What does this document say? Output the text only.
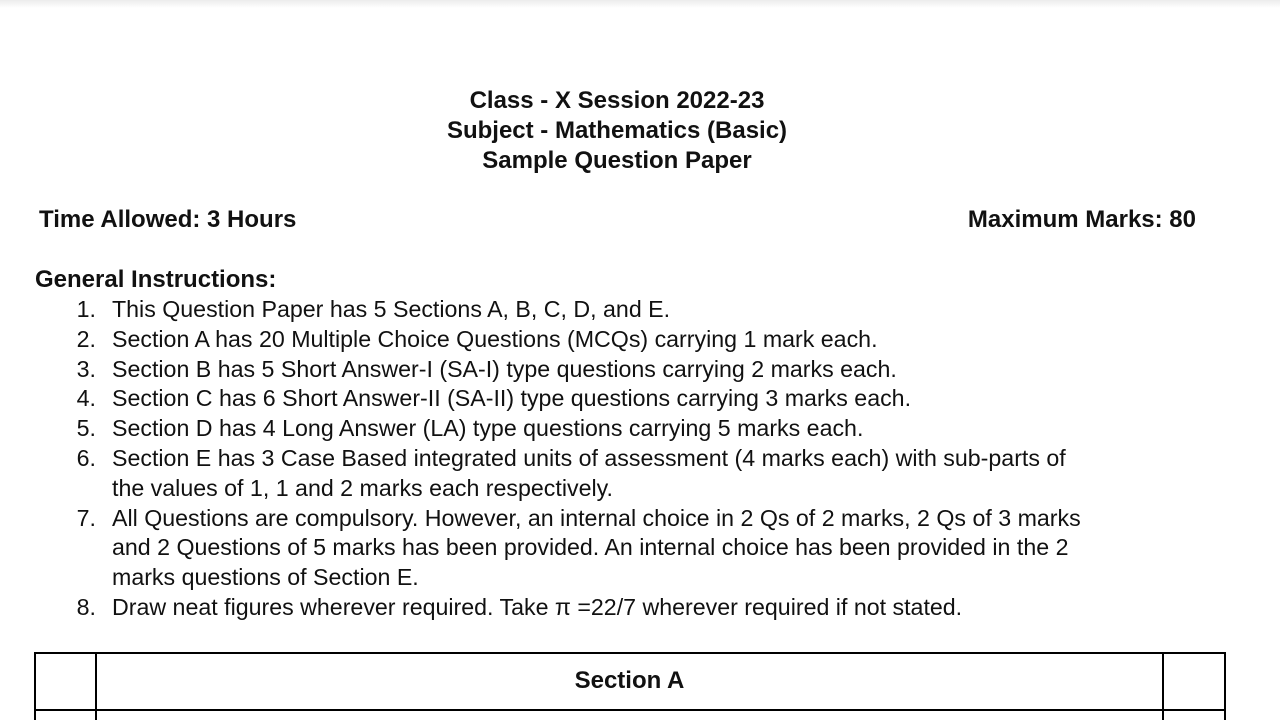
Class - X Session 2022-23
Subject - Mathematics (Basic)
Sample Question Paper
Time Allowed: 3 Hours	Maximum Marks: 80
General Instructions:
1. This Question Paper has 5 Sections A, B, C, D, and E.
2. Section A has 20 Multiple Choice Questions (MCQs) carrying 1 mark each.
3. Section B has 5 Short Answer-I (SA-I) type questions carrying 2 marks each.
4. Section C has 6 Short Answer-II (SA-II) type questions carrying 3 marks each.
5. Section D has 4 Long Answer (LA) type questions carrying 5 marks each.
6. Section E has 3 Case Based integrated units of assessment (4 marks each) with sub-parts of
the values of 1, 1 and 2 marks each respectively.
7. All Questions are compulsory. However, an internal choice in 2 Qs of 2 marks, 2 Qs of 3 marks
and 2 Questions of 5 marks has been provided. An internal choice has been provided in the 2
marks questions of Section E.
8. Draw neat figures wherever required. Take π =22/7 wherever required if not stated.
Section A
